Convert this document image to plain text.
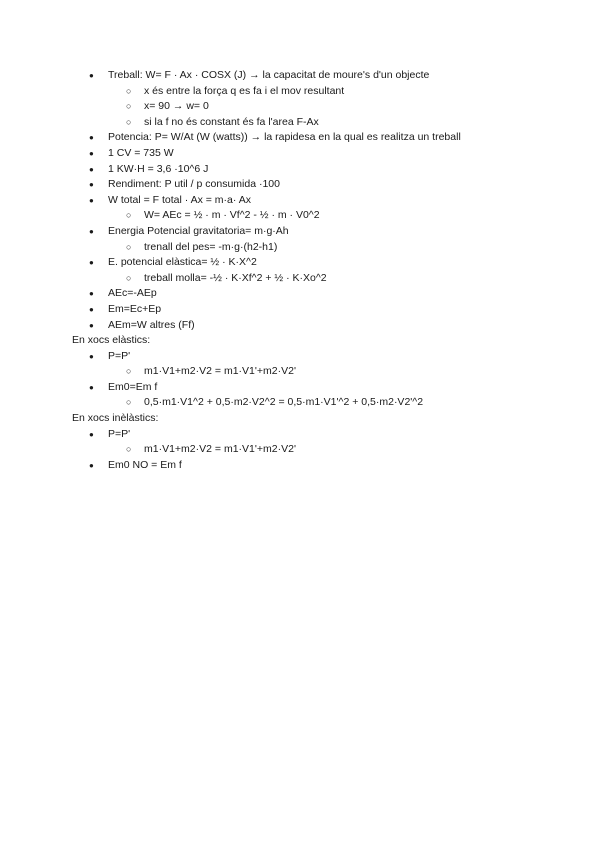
● Treball: W= F · Ax · COSX (J) → la capacitat de moure's d'un objecte
○ x és entre la força q es fa i el mov resultant
○ x= 90 → w= 0
○ si la f no és constant és fa l'area F-Ax
● Potencia: P= W/At (W (watts)) → la rapidesa en la qual es realitza un treball
● 1 CV = 735 W
● 1 KW·H = 3,6 ·10^6 J
● Rendiment: P util / p consumida ·100
● W total = F total · Ax = m·a· Ax
○ W= AEc = ½ · m · Vf^2 - ½ · m · V0^2
● Energia Potencial gravitatoria= m·g·Ah
○ trenall del pes= -m·g·(h2-h1)
● E. potencial elàstica= ½ · K·X^2
○ treball molla= -½ · K·Xf^2 + ½ · K·Xo^2
● AEc=-AEp
● Em=Ec+Ep
● AEm=W altres (Ff)
En xocs elàstics:
● P=P'
○ m1·V1+m2·V2 = m1·V1'+m2·V2'
● Em0=Em f
○ 0,5·m1·V1^2 + 0,5·m2·V2^2 = 0,5·m1·V1'^2 + 0,5·m2·V2'^2
En xocs inèlàstics:
● P=P'
○ m1·V1+m2·V2 = m1·V1'+m2·V2'
● Em0 NO = Em f
